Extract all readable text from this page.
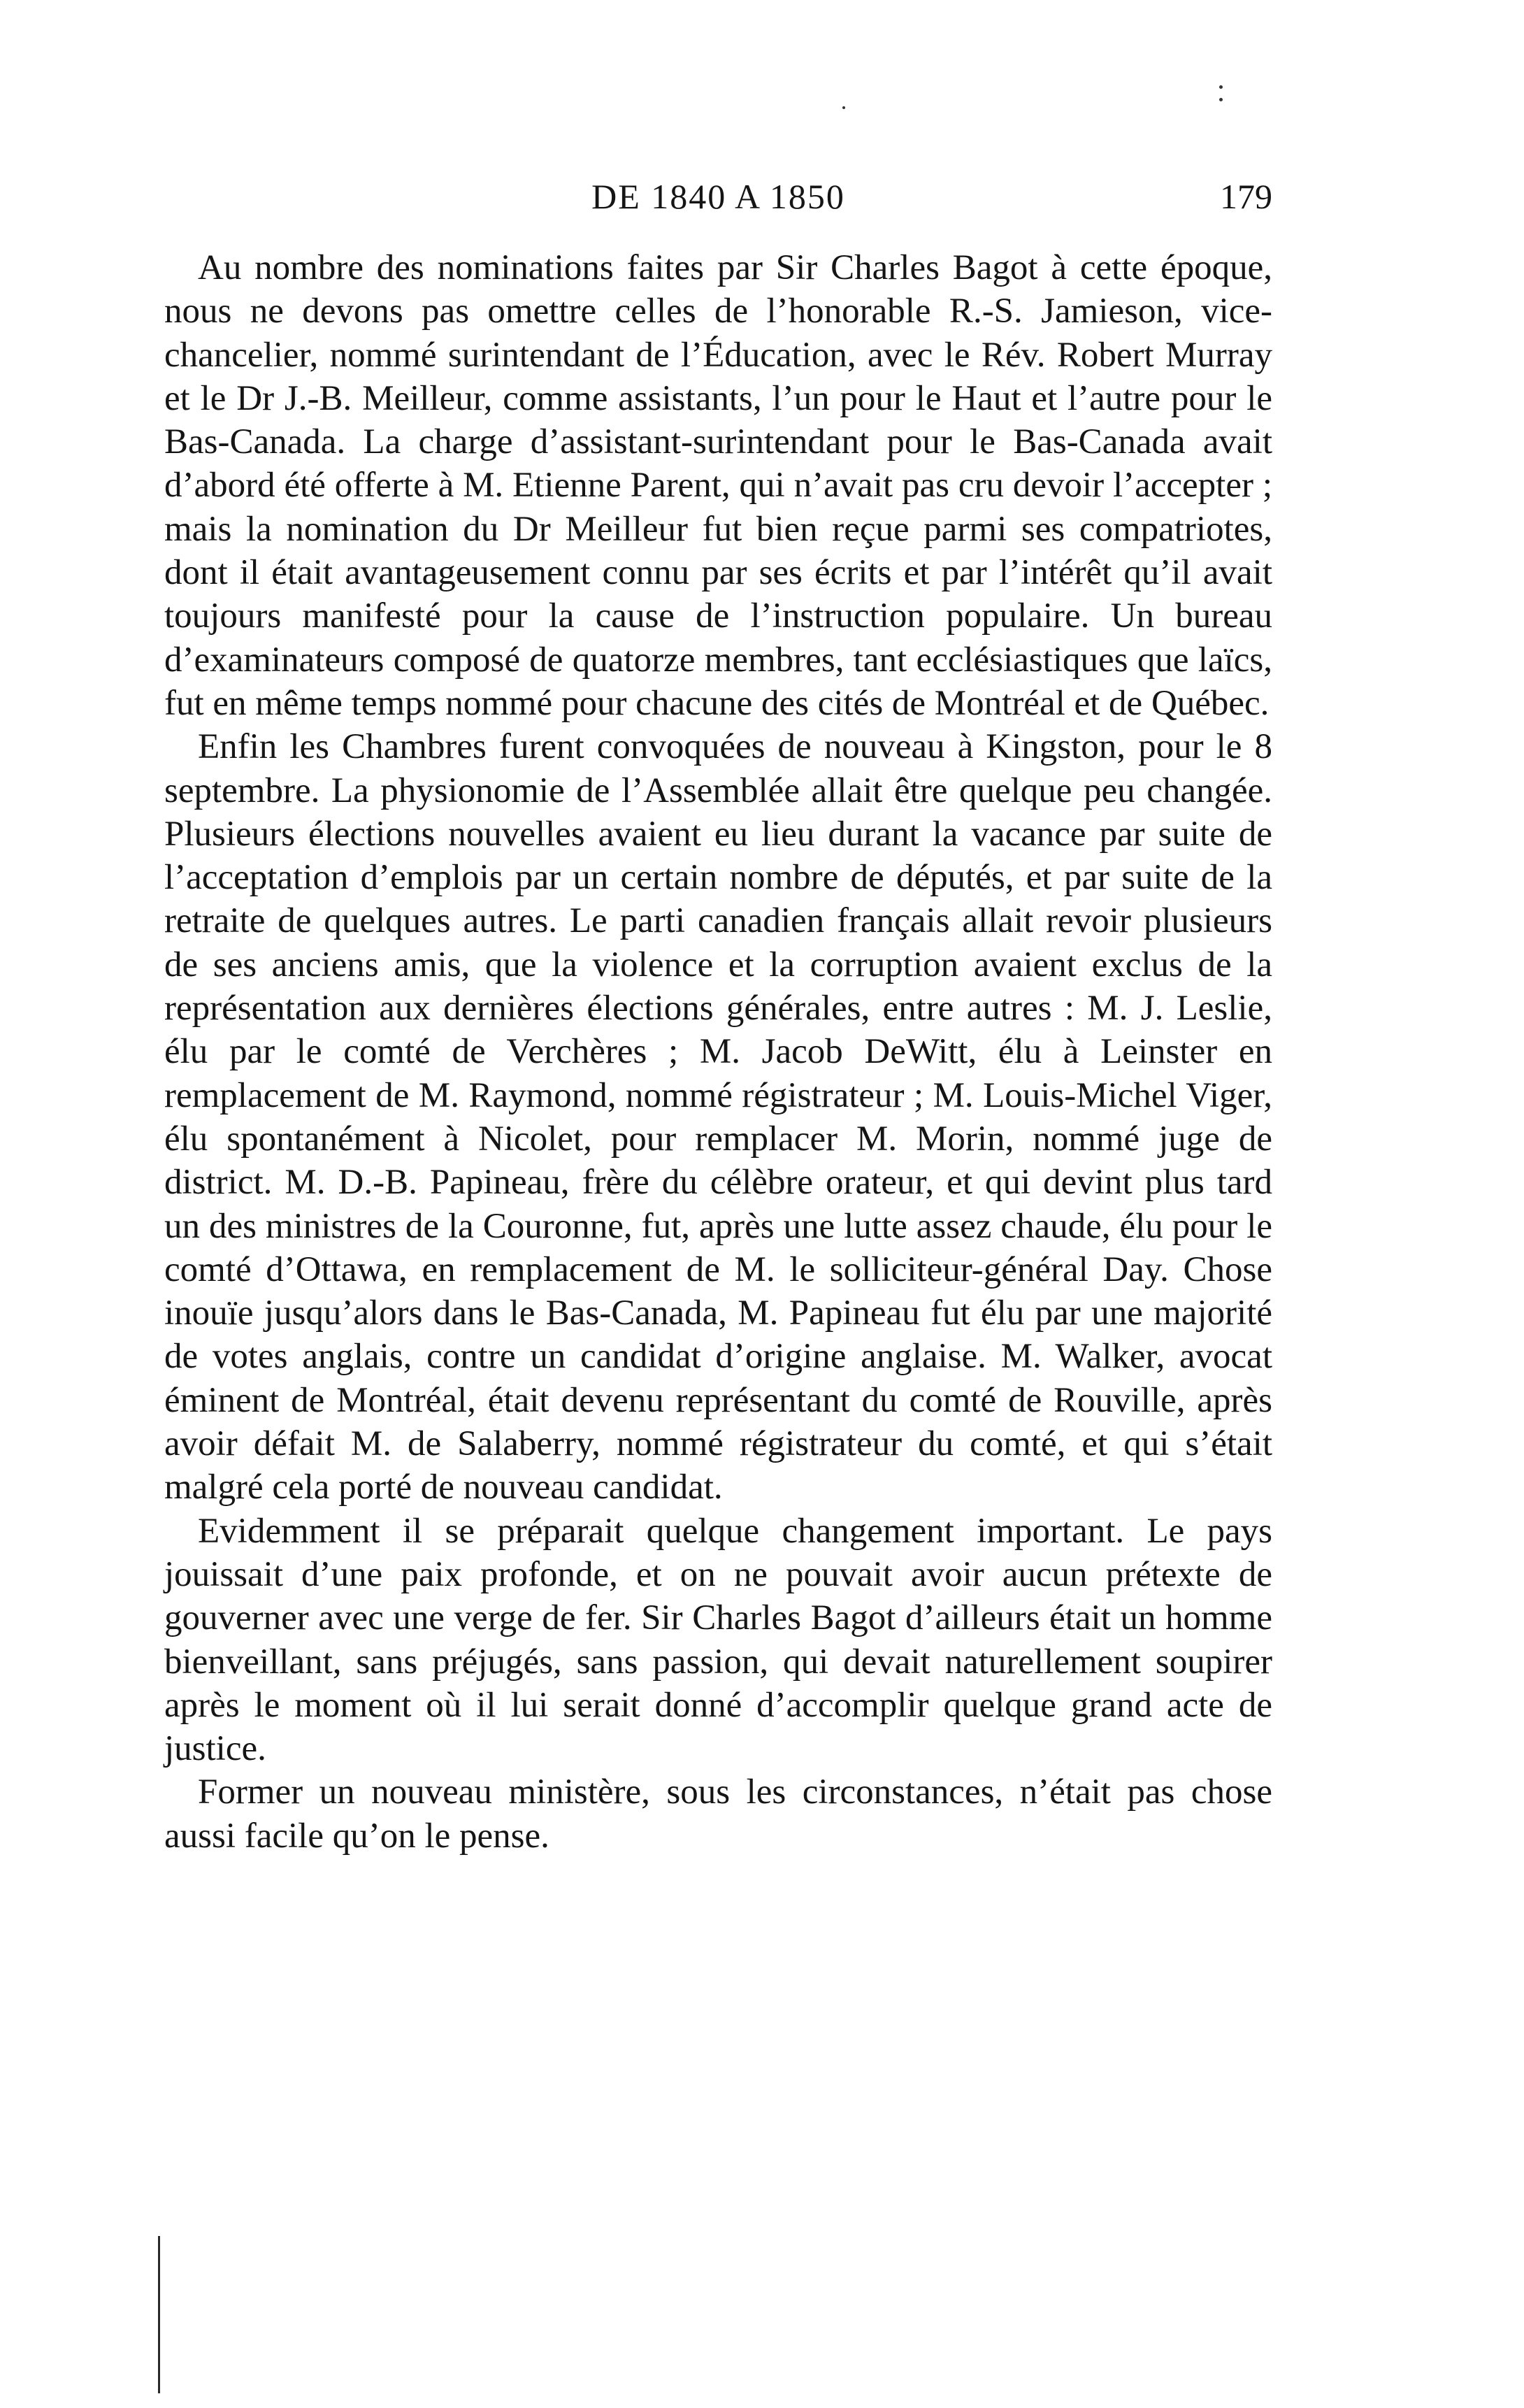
DE 1840 A 1850	179

Au nombre des nominations faites par Sir Charles Bagot à cette époque, nous ne devons pas omettre celles de l’honorable R.-S. Jamieson, vice-chancelier, nommé surintendant de l’Éducation, avec le Rév. Robert Murray et le Dr J.-B. Meilleur, comme assistants, l’un pour le Haut et l’autre pour le Bas-Canada. La charge d’assistant-surintendant pour le Bas-Canada avait d’abord été offerte à M. Etienne Parent, qui n’avait pas cru devoir l’accepter ; mais la nomination du Dr Meilleur fut bien reçue parmi ses compatriotes, dont il était avantageusement connu par ses écrits et par l’intérêt qu’il avait toujours manifesté pour la cause de l’instruction populaire. Un bureau d’examinateurs composé de quatorze membres, tant ecclésiastiques que laïcs, fut en même temps nommé pour chacune des cités de Montréal et de Québec.

Enfin les Chambres furent convoquées de nouveau à Kingston, pour le 8 septembre. La physionomie de l’Assemblée allait être quelque peu changée. Plusieurs élections nouvelles avaient eu lieu durant la vacance par suite de l’acceptation d’emplois par un certain nombre de députés, et par suite de la retraite de quelques autres. Le parti canadien français allait revoir plusieurs de ses anciens amis, que la violence et la corruption avaient exclus de la représentation aux dernières élections générales, entre autres : M. J. Leslie, élu par le comté de Verchères ; M. Jacob DeWitt, élu à Leinster en remplacement de M. Raymond, nommé régistrateur ; M. Louis-Michel Viger, élu spontanément à Nicolet, pour remplacer M. Morin, nommé juge de district. M. D.-B. Papineau, frère du célèbre orateur, et qui devint plus tard un des ministres de la Couronne, fut, après une lutte assez chaude, élu pour le comté d’Ottawa, en remplacement de M. le solliciteur-général Day. Chose inouïe jusqu’alors dans le Bas-Canada, M. Papineau fut élu par une majorité de votes anglais, contre un candidat d’origine anglaise. M. Walker, avocat éminent de Montréal, était devenu représentant du comté de Rouville, après avoir défait M. de Salaberry, nommé régistrateur du comté, et qui s’était malgré cela porté de nouveau candidat.

Evidemment il se préparait quelque changement important. Le pays jouissait d’une paix profonde, et on ne pouvait avoir aucun prétexte de gouverner avec une verge de fer. Sir Charles Bagot d’ailleurs était un homme bienveillant, sans préjugés, sans passion, qui devait naturellement soupirer après le moment où il lui serait donné d’accomplir quelque grand acte de justice.

Former un nouveau ministère, sous les circonstances, n’était pas chose aussi facile qu’on le pense.
